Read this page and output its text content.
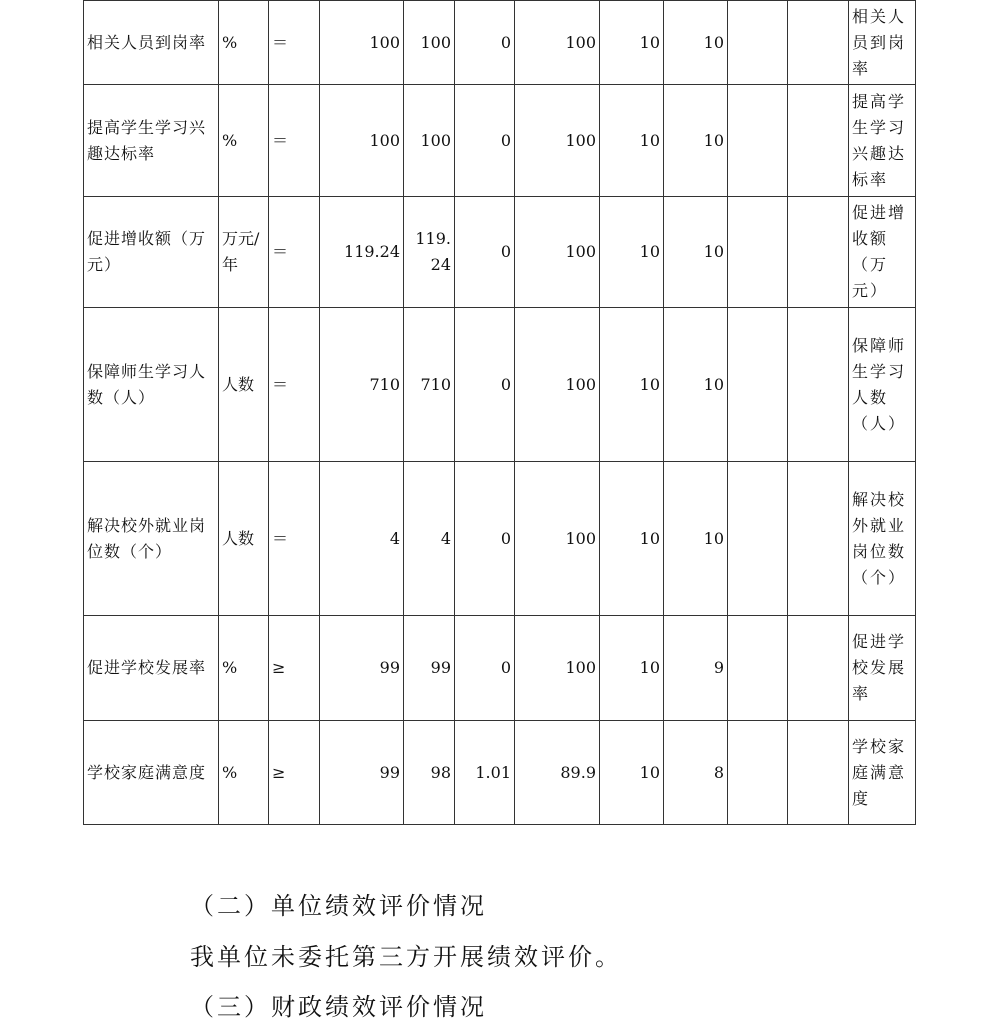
相关人员到岗率	%	＝	100	100	0	100	10	10			相关人员到岗率
提高学生学习兴趣达标率	%	＝	100	100	0	100	10	10			提高学生学习兴趣达标率
促进增收额（万元）	万元/年	＝	119.24	119.24	0	100	10	10			促进增收额（万元）
保障师生学习人数（人）	人数	＝	710	710	0	100	10	10			保障师生学习人数（人）
解决校外就业岗位数（个）	人数	＝	4	4	0	100	10	10			解决校外就业岗位数（个）
促进学校发展率	%	≥	99	99	0	100	10	9			促进学校发展率
学校家庭满意度	%	≥	99	98	1.01	89.9	10	8			学校家庭满意度
（二）单位绩效评价情况
我单位未委托第三方开展绩效评价。
（三）财政绩效评价情况
